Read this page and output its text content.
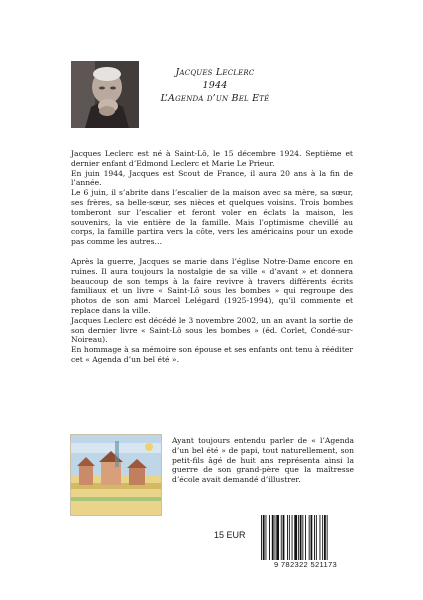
Jacques Leclerc
1944
L’Agenda d’un Bel Eté

Jacques Leclerc est né à Saint-Lô, le 15 décembre 1924. Septième et dernier enfant d’Edmond Leclerc et Marie Le Prieur.

En juin 1944, Jacques est Scout de France, il aura 20 ans à la fin de l’année.

Le 6 juin, il s’abrite dans l’escalier de la maison avec sa mère, sa sœur, ses frères, sa belle-sœur, ses nièces et quelques voisins. Trois bombes tomberont sur l’escalier et feront voler en éclats la maison, les souvenirs, la vie entière de la famille. Mais l’optimisme chevillé au corps, la famille partira vers la côte, vers les américains pour un exode pas comme les autres…

Après la guerre, Jacques se marie dans l’église Notre-Dame encore en ruines. Il aura toujours la nostalgie de sa ville « d’avant » et donnera beaucoup de son temps à la faire revivre à travers différents écrits familiaux et un livre « Saint-Lô sous les bombes » qui regroupe des photos de son ami Marcel Lelégard (1925-1994), qu’il commente et replace dans la ville.

Jacques Leclerc est décédé le 3 novembre 2002, un an avant la sortie de son dernier livre « Saint-Lô sous les bombes » (éd. Corlet, Condé-sur-Noireau).

En hommage à sa mémoire son épouse et ses enfants ont tenu à rééditer cet « Agenda d’un bel été ».

Ayant toujours entendu parler de « l’Agenda d’un bel été » de papi, tout naturellement, son petit-fils âgé de huit ans représenta ainsi la guerre de son grand-père que la maîtresse d’école avait demandé d’illustrer.

15 EUR
9 782322 521173
